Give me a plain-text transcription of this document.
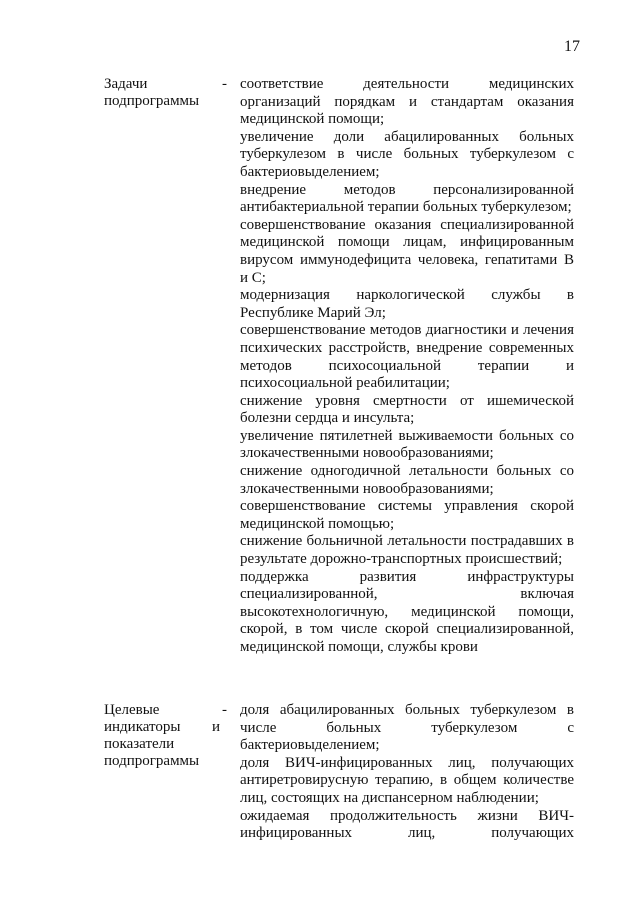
17
Задачи
подпрограммы
- соответствие деятельности медицинских организаций порядкам и стандартам оказания медицинской помощи;

увеличение доли абацилированных больных туберкулезом в числе больных туберкулезом с бактериовыделением;

внедрение методов персонализированной антибактериальной терапии больных туберкулезом;

совершенствование оказания специализированной медицинской помощи лицам, инфицированным вирусом иммунодефицита человека, гепатитами В и С;

модернизация наркологической службы в Республике Марий Эл;

совершенствование методов диагностики и лечения психических расстройств, внедрение современных методов психосоциальной терапии и психосоциальной реабилитации;

снижение уровня смертности от ишемической болезни сердца и инсульта;

увеличение пятилетней выживаемости больных со злокачественными новообразованиями;

снижение одногодичной летальности больных со злокачественными новообразованиями;

совершенствование системы управления скорой медицинской помощью;

снижение больничной летальности пострадавших в результате дорожно-транспортных происшествий;

поддержка развития инфраструктуры специализированной, включая высокотехнологичную, медицинской помощи, скорой, в том числе скорой специализированной, медицинской помощи, службы крови

Целевые
индикаторы и
показатели
подпрограммы
- доля абацилированных больных туберкулезом в числе больных туберкулезом с бактериовыделением;

доля ВИЧ-инфицированных лиц, получающих антиретровирусную терапию, в общем количестве лиц, состоящих на диспансерном наблюдении;

ожидаемая продолжительность жизни ВИЧ-инфицированных лиц, получающих
